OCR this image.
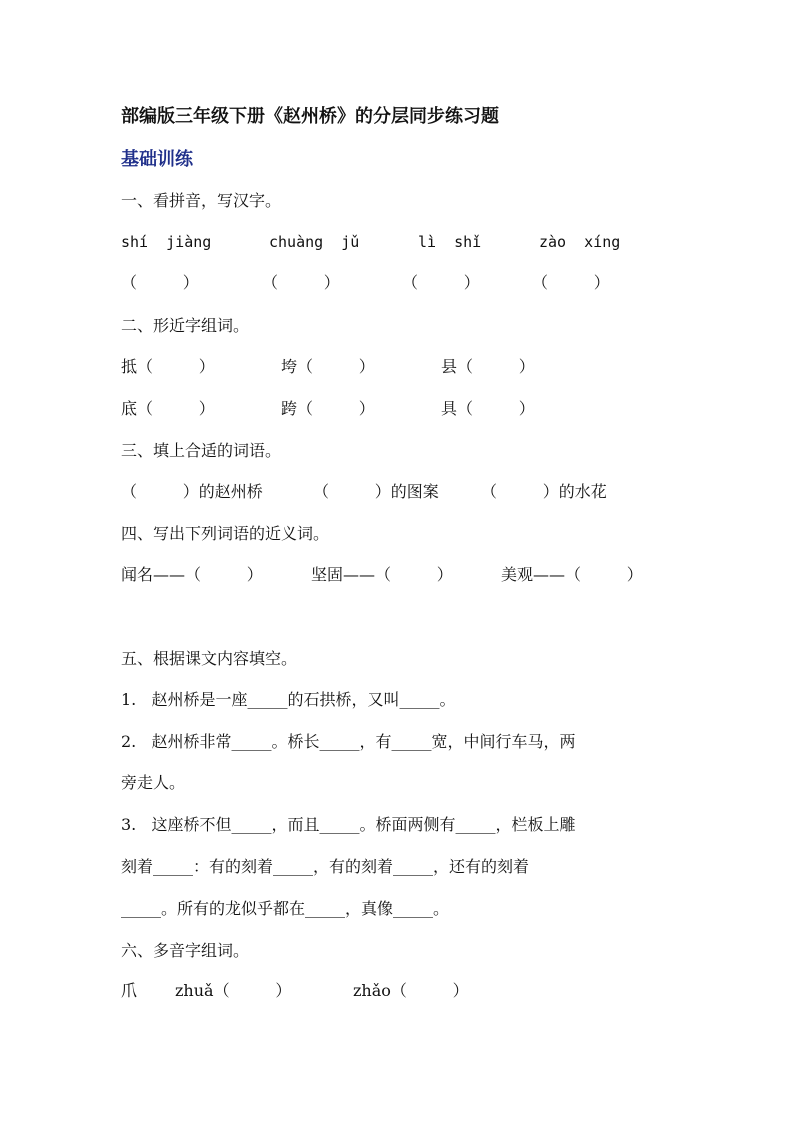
部编版三年级下册《赵州桥》的分层同步练习题
基础训练
一、看拼音，写汉字。
shí  jiàng	chuàng  jǔ	lì  shǐ	zào  xíng
（         ）	（         ）	（         ）	（         ）
二、形近字组词。
抵（         ）	垮（         ）	县（         ）
底（         ）	跨（         ）	具（         ）
三、填上合适的词语。
（         ）的赵州桥	（         ）的图案	（         ）的水花
四、写出下列词语的近义词。
闻名——（         ）	坚固——（         ）	美观——（         ）
五、根据课文内容填空。
1.   赵州桥是一座_____的石拱桥，又叫_____。
2.   赵州桥非常_____。桥长_____，有_____宽，中间行车马，两
旁走人。
3.   这座桥不但_____，而且_____。桥面两侧有_____，栏板上雕
刻着_____：有的刻着_____，有的刻着_____，还有的刻着
_____。所有的龙似乎都在_____，真像_____。
六、多音字组词。
爪 zhuǎ（         ）	zhǎo（         ）
